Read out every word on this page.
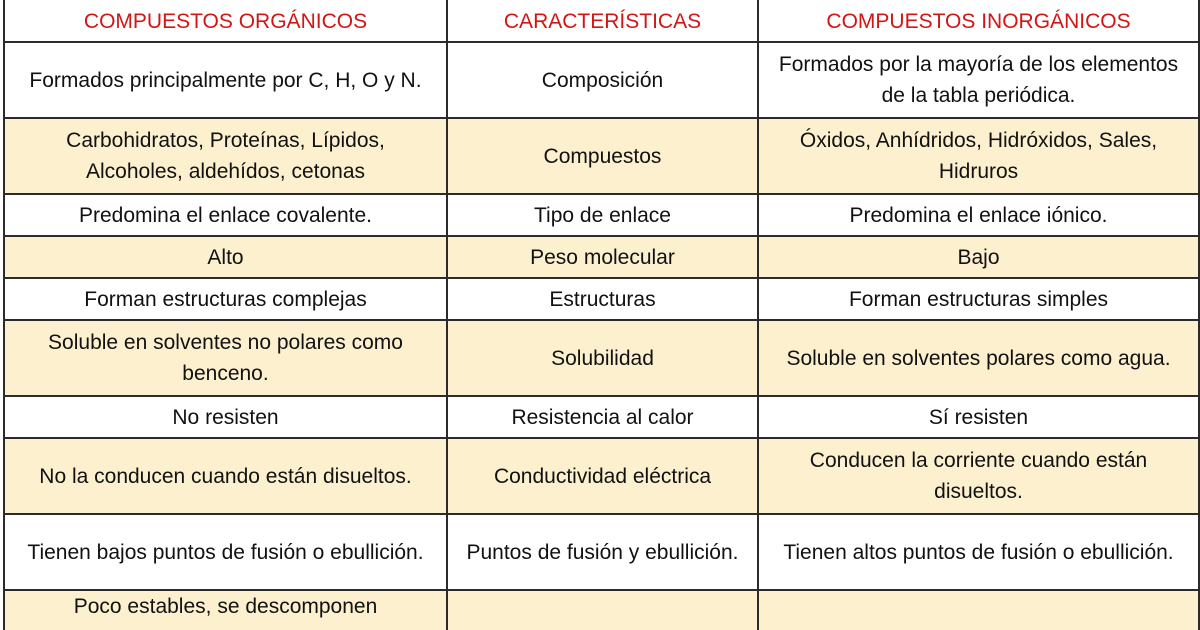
COMPUESTOS ORGÁNICOS	CARACTERÍSTICAS	COMPUESTOS INORGÁNICOS
Formados principalmente por C, H, O y N.	Composición	Formados por la mayoría de los elementos de la tabla periódica.
Carbohidratos, Proteínas, Lípidos, Alcoholes, aldehídos, cetonas	Compuestos	Óxidos, Anhídridos, Hidróxidos, Sales, Hidruros
Predomina el enlace covalente.	Tipo de enlace	Predomina el enlace iónico.
Alto	Peso molecular	Bajo
Forman estructuras complejas	Estructuras	Forman estructuras simples
Soluble en solventes no polares como benceno.	Solubilidad	Soluble en solventes polares como agua.
No resisten	Resistencia al calor	Sí resisten
No la conducen cuando están disueltos.	Conductividad eléctrica	Conducen la corriente cuando están disueltos.
Tienen bajos puntos de fusión o ebullición.	Puntos de fusión y ebullición.	Tienen altos puntos de fusión o ebullición.
Poco estables, se descomponen		
